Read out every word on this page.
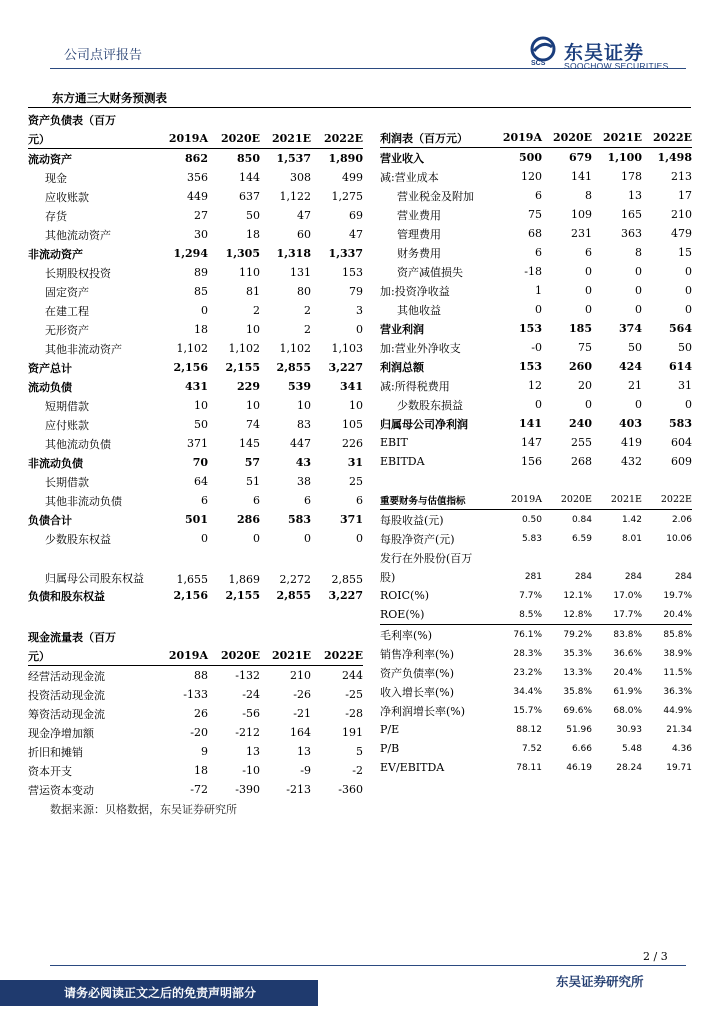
公司点评报告
SCS 东吴证券
SOOCHOW SECURITIES
东方通三大财务预测表
资产负债表（百万				
元）	2019A	2020E	2021E	2022E
流动资产	862	850	1,537	1,890
现金	356	144	308	499
应收账款	449	637	1,122	1,275
存货	27	50	47	69
其他流动资产	30	18	60	47
非流动资产	1,294	1,305	1,318	1,337
长期股权投资	89	110	131	153
固定资产	85	81	80	79
在建工程	0	2	2	3
无形资产	18	10	2	0
其他非流动资产	1,102	1,102	1,102	1,103
资产总计	2,156	2,155	2,855	3,227
流动负债	431	229	539	341
短期借款	10	10	10	10
应付账款	50	74	83	105
其他流动负债	371	145	447	226
非流动负债	70	57	43	31
长期借款	64	51	38	25
其他非流动负债	6	6	6	6
负债合计	501	286	583	371
少数股东权益	0	0	0	0
归属母公司股东权益	1,655	1,869	2,272	2,855
负债和股东权益	2,156	2,155	2,855	3,227
利润表（百万元）	2019A	2020E	2021E	2022E
营业收入	500	679	1,100	1,498
减:营业成本	120	141	178	213
营业税金及附加	6	8	13	17
营业费用	75	109	165	210
管理费用	68	231	363	479
财务费用	6	6	8	15
资产减值损失	-18	0	0	0
加:投资净收益	1	0	0	0
其他收益	0	0	0	0
营业利润	153	185	374	564
加:营业外净收支	-0	75	50	50
利润总额	153	260	424	614
减:所得税费用	12	20	21	31
少数股东损益	0	0	0	0
归属母公司净利润	141	240	403	583
EBIT	147	255	419	604
EBITDA	156	268	432	609
重要财务与估值指标	2019A	2020E	2021E	2022E
每股收益(元)	0.50	0.84	1.42	2.06
每股净资产(元)	5.83	6.59	8.01	10.06
发行在外股份(百万				
股)	281	284	284	284
ROIC(%)	7.7%	12.1%	17.0%	19.7%
ROE(%)	8.5%	12.8%	17.7%	20.4%
毛利率(%)	76.1%	79.2%	83.8%	85.8%
销售净利率(%)	28.3%	35.3%	36.6%	38.9%
资产负债率(%)	23.2%	13.3%	20.4%	11.5%
收入增长率(%)	34.4%	35.8%	61.9%	36.3%
净利润增长率(%)	15.7%	69.6%	68.0%	44.9%
P/E	88.12	51.96	30.93	21.34
P/B	7.52	6.66	5.48	4.36
EV/EBITDA	78.11	46.19	28.24	19.71
现金流量表（百万				
元）	2019A	2020E	2021E	2022E
经营活动现金流	88	-132	210	244
投资活动现金流	-133	-24	-26	-25
筹资活动现金流	26	-56	-21	-28
现金净增加额	-20	-212	164	191
折旧和摊销	9	13	13	5
资本开支	18	-10	-9	-2
营运资本变动	-72	-390	-213	-360
数据来源：贝格数据，东吴证券研究所
2 / 3
请务必阅读正文之后的免责声明部分
东吴证券研究所
